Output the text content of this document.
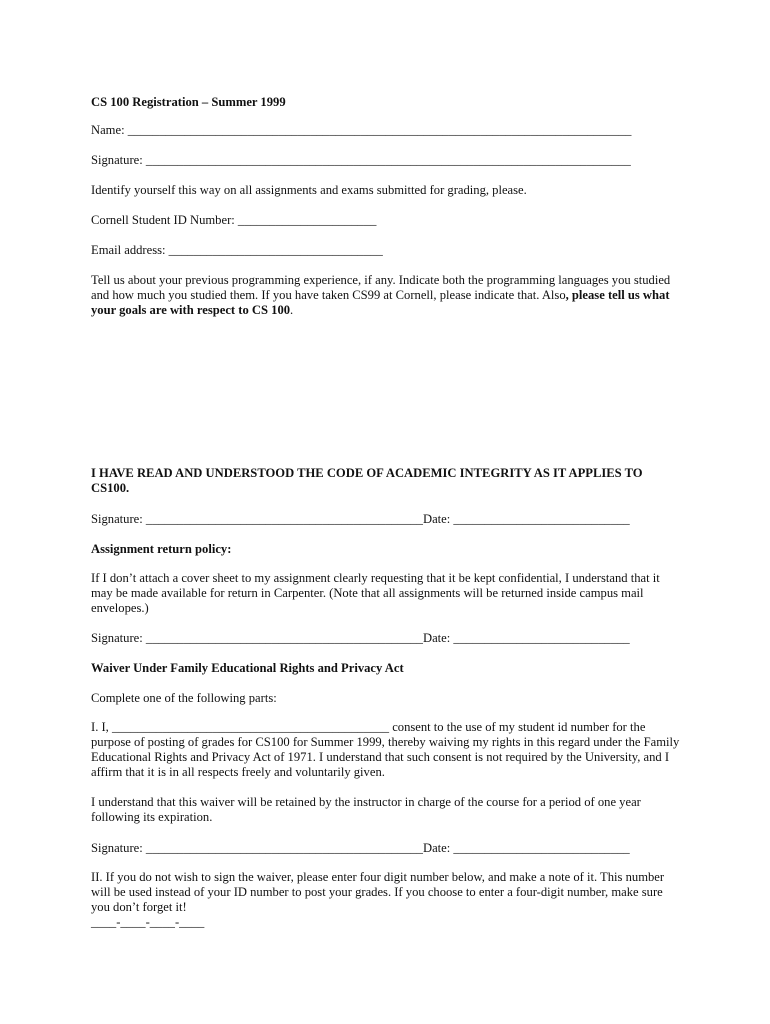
CS 100 Registration – Summer 1999

Name: ________________________________________________________________________________

Signature: _____________________________________________________________________________

Identify yourself this way on all assignments and exams submitted for grading, please.

Cornell Student ID Number: ______________________

Email address: __________________________________

Tell us about your previous programming experience, if any. Indicate both the programming languages you studied and how much you studied them. If you have taken CS99 at Cornell, please indicate that. Also, please tell us what your goals are with respect to CS 100.

I HAVE READ AND UNDERSTOOD THE CODE OF ACADEMIC INTEGRITY AS IT APPLIES TO CS100.

Signature: ____________________________________________Date: ____________________________

Assignment return policy:

If I don’t attach a cover sheet to my assignment clearly requesting that it be kept confidential, I understand that it may be made available for return in Carpenter. (Note that all assignments will be returned inside campus mail envelopes.)

Signature: ____________________________________________Date: ____________________________

Waiver Under Family Educational Rights and Privacy Act

Complete one of the following parts:

I. I, ____________________________________________ consent to the use of my student id number for the purpose of posting of grades for CS100 for Summer 1999, thereby waiving my rights in this regard under the Family Educational Rights and Privacy Act of 1971. I understand that such consent is not required by the University, and I affirm that it is in all respects freely and voluntarily given.

I understand that this waiver will be retained by the instructor in charge of the course for a period of one year following its expiration.

Signature: ____________________________________________Date: ____________________________

II. If you do not wish to sign the waiver, please enter four digit number below, and make a note of it. This number will be used instead of your ID number to post your grades. If you choose to enter a four-digit number, make sure you don’t forget it!

____-____-____-____
